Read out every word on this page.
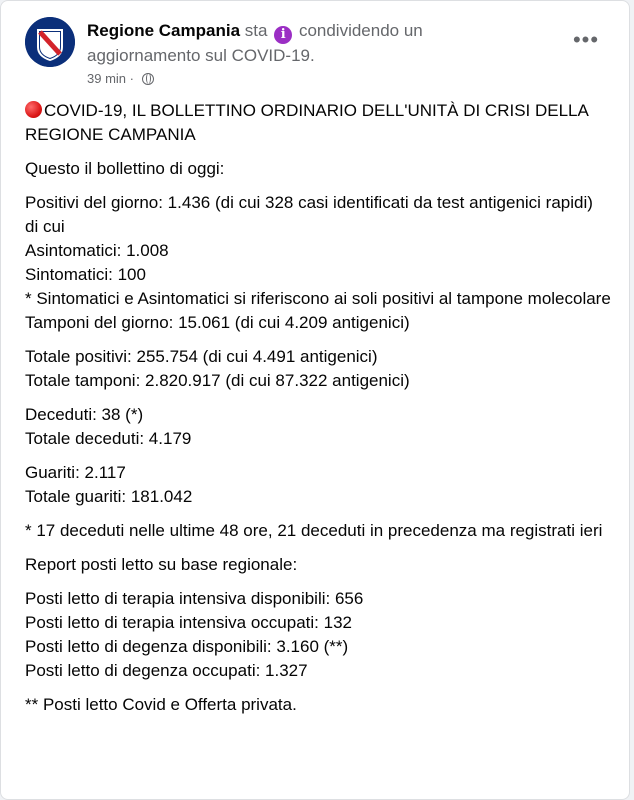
Regione Campania sta i condividendo un aggiornamento sul COVID-19.
39 min ·
•••
COVID-19, IL BOLLETTINO ORDINARIO DELL'UNITÀ DI CRISI DELLA REGIONE CAMPANIA
Questo il bollettino di oggi:
Positivi del giorno: 1.436 (di cui 328 casi identificati da test antigenici rapidi)
di cui
Asintomatici: 1.008
Sintomatici: 100
* Sintomatici e Asintomatici si riferiscono ai soli positivi al tampone molecolare
Tamponi del giorno: 15.061 (di cui 4.209 antigenici)
Totale positivi: 255.754 (di cui 4.491 antigenici)
Totale tamponi: 2.820.917 (di cui 87.322 antigenici)
Deceduti: 38 (*)
Totale deceduti: 4.179
Guariti: 2.117
Totale guariti: 181.042
* 17 deceduti nelle ultime 48 ore, 21 deceduti in precedenza ma registrati ieri
Report posti letto su base regionale:
Posti letto di terapia intensiva disponibili: 656
Posti letto di terapia intensiva occupati: 132
Posti letto di degenza disponibili: 3.160 (**)
Posti letto di degenza occupati: 1.327
** Posti letto Covid e Offerta privata.
